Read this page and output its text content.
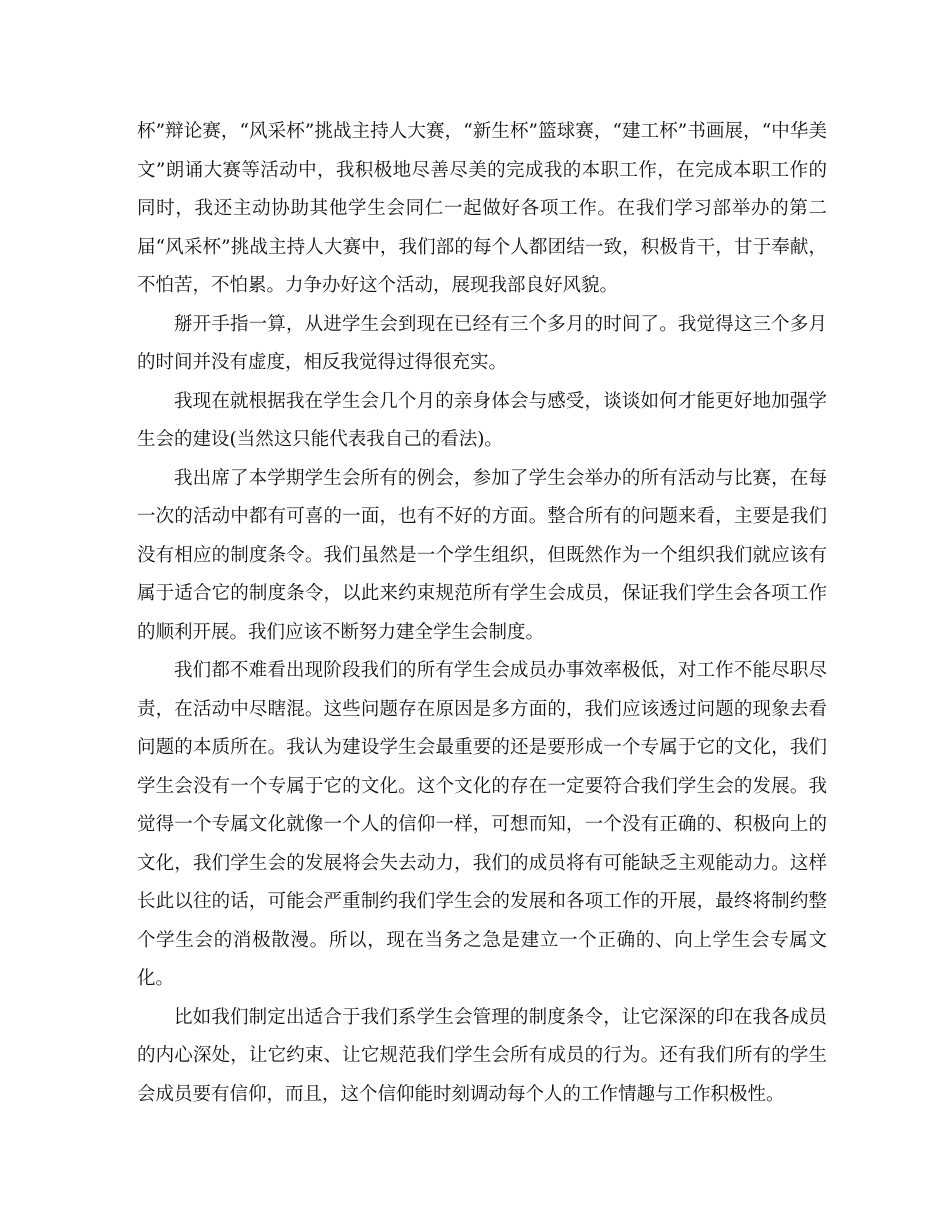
杯”辩论赛，“风采杯”挑战主持人大赛，“新生杯”篮球赛，“建工杯”书画展，“中华美文”朗诵大赛等活动中，我积极地尽善尽美的完成我的本职工作，在完成本职工作的同时，我还主动协助其他学生会同仁一起做好各项工作。在我们学习部举办的第二届“风采杯”挑战主持人大赛中，我们部的每个人都团结一致，积极肯干，甘于奉献，不怕苦，不怕累。力争办好这个活动，展现我部良好风貌。

掰开手指一算，从进学生会到现在已经有三个多月的时间了。我觉得这三个多月的时间并没有虚度，相反我觉得过得很充实。

我现在就根据我在学生会几个月的亲身体会与感受，谈谈如何才能更好地加强学生会的建设(当然这只能代表我自己的看法)。

我出席了本学期学生会所有的例会，参加了学生会举办的所有活动与比赛，在每一次的活动中都有可喜的一面，也有不好的方面。整合所有的问题来看，主要是我们没有相应的制度条令。我们虽然是一个学生组织，但既然作为一个组织我们就应该有属于适合它的制度条令，以此来约束规范所有学生会成员，保证我们学生会各项工作的顺利开展。我们应该不断努力建全学生会制度。

我们都不难看出现阶段我们的所有学生会成员办事效率极低，对工作不能尽职尽责，在活动中尽瞎混。这些问题存在原因是多方面的，我们应该透过问题的现象去看问题的本质所在。我认为建设学生会最重要的还是要形成一个专属于它的文化，我们学生会没有一个专属于它的文化。这个文化的存在一定要符合我们学生会的发展。我觉得一个专属文化就像一个人的信仰一样，可想而知，一个没有正确的、积极向上的文化，我们学生会的发展将会失去动力，我们的成员将有可能缺乏主观能动力。这样长此以往的话，可能会严重制约我们学生会的发展和各项工作的开展，最终将制约整个学生会的消极散漫。所以，现在当务之急是建立一个正确的、向上学生会专属文化。

比如我们制定出适合于我们系学生会管理的制度条令，让它深深的印在我各成员的内心深处，让它约束、让它规范我们学生会所有成员的行为。还有我们所有的学生会成员要有信仰，而且，这个信仰能时刻调动每个人的工作情趣与工作积极性。
